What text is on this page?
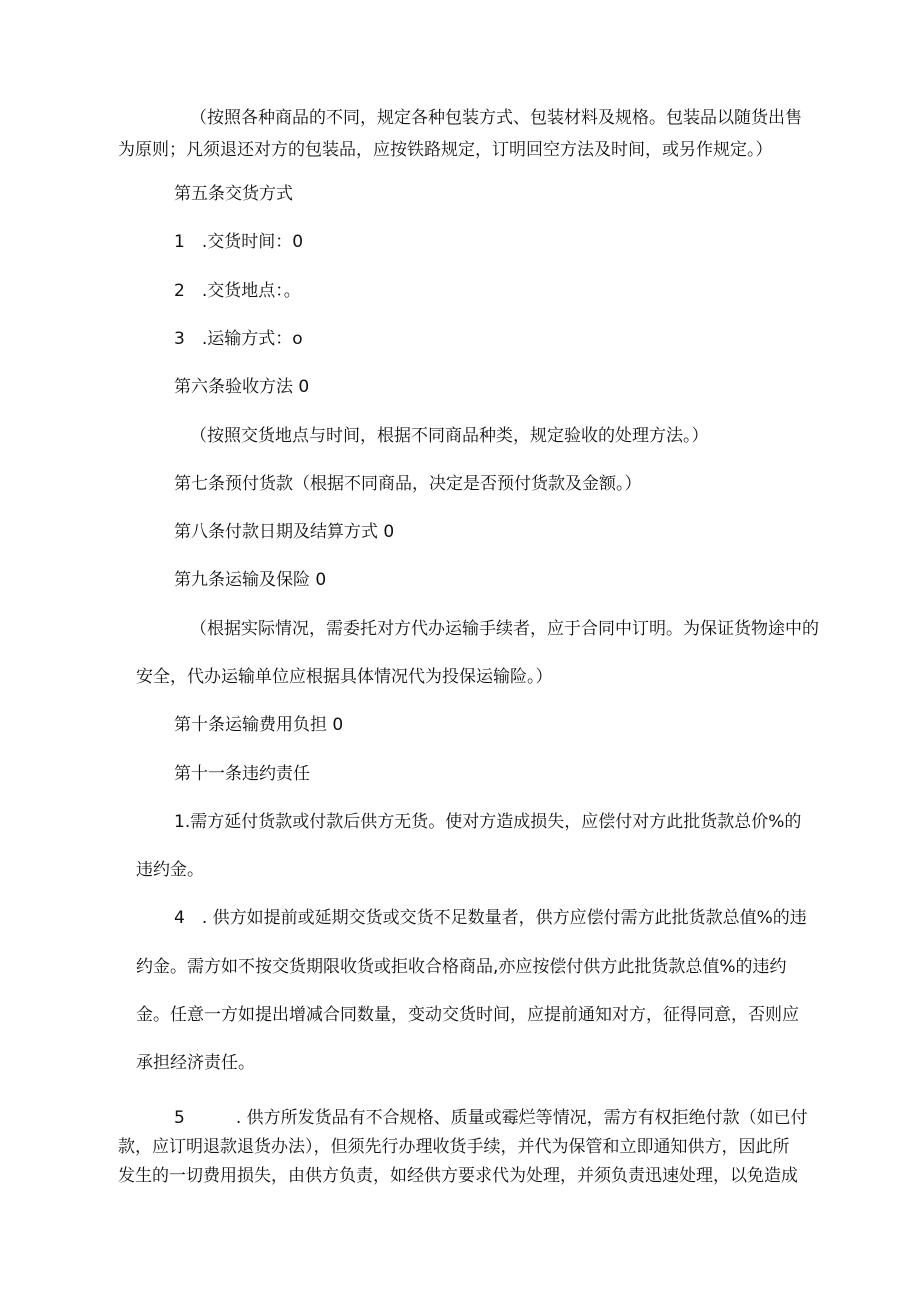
（按照各种商品的不同，规定各种包装方式、包装材料及规格。包装品以随货出售
为原则；凡须退还对方的包装品，应按铁路规定，订明回空方法及时间，或另作规定。）
第五条交货方式
1　.交货时间：0
2　.交货地点：。
3　.运输方式：o
第六条验收方法 0
（按照交货地点与时间，根据不同商品种类，规定验收的处理方法。）
第七条预付货款（根据不同商品，决定是否预付货款及金额。）
第八条付款日期及结算方式 0
第九条运输及保险 0
（根据实际情况，需委托对方代办运输手续者，应于合同中订明。为保证货物途中的
安全，代办运输单位应根据具体情况代为投保运输险。）
第十条运输费用负担 0
第十一条违约责任
1.需方延付货款或付款后供方无货。使对方造成损失，应偿付对方此批货款总价%的
违约金。
4　. 供方如提前或延期交货或交货不足数量者，供方应偿付需方此批货款总值%的违
约金。需方如不按交货期限收货或拒收合格商品,亦应按偿付供方此批货款总值%的违约
金。任意一方如提出增减合同数量，变动交货时间，应提前通知对方，征得同意，否则应
承担经济责任。
5　　　. 供方所发货品有不合规格、质量或霉烂等情况，需方有权拒绝付款（如已付
款，应订明退款退货办法），但须先行办理收货手续，并代为保管和立即通知供方，因此所
发生的一切费用损失，由供方负责，如经供方要求代为处理，并须负责迅速处理，以免造成
